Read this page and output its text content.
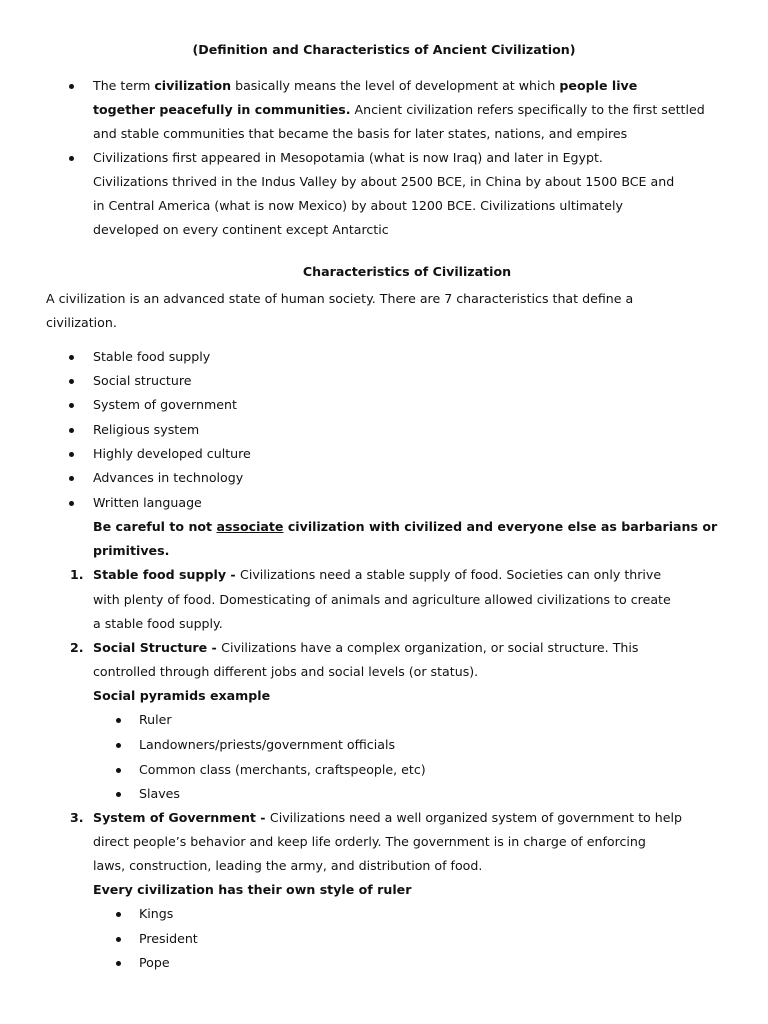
(Definition and Characteristics of Ancient Civilization)
The term civilization basically means the level of development at which people live
together peacefully in communities. Ancient civilization refers specifically to the first settled
and stable communities that became the basis for later states, nations, and empires
Civilizations first appeared in Mesopotamia (what is now Iraq) and later in Egypt.
Civilizations thrived in the Indus Valley by about 2500 BCE, in China by about 1500 BCE and
in Central America (what is now Mexico) by about 1200 BCE. Civilizations ultimately
developed on every continent except Antarctic
Characteristics of Civilization
A civilization is an advanced state of human society. There are 7 characteristics that define a
civilization.
Stable food supply
Social structure
System of government
Religious system
Highly developed culture
Advances in technology
Written language
Be careful to not associate civilization with civilized and everyone else as barbarians or
primitives.
1. Stable food supply - Civilizations need a stable supply of food. Societies can only thrive
with plenty of food. Domesticating of animals and agriculture allowed civilizations to create
a stable food supply.
2. Social Structure - Civilizations have a complex organization, or social structure. This
controlled through different jobs and social levels (or status).
Social pyramids example
Ruler
Landowners/priests/government officials
Common class (merchants, craftspeople, etc)
Slaves
3. System of Government - Civilizations need a well organized system of government to help
direct people’s behavior and keep life orderly. The government is in charge of enforcing
laws, construction, leading the army, and distribution of food.
Every civilization has their own style of ruler
Kings
President
Pope
